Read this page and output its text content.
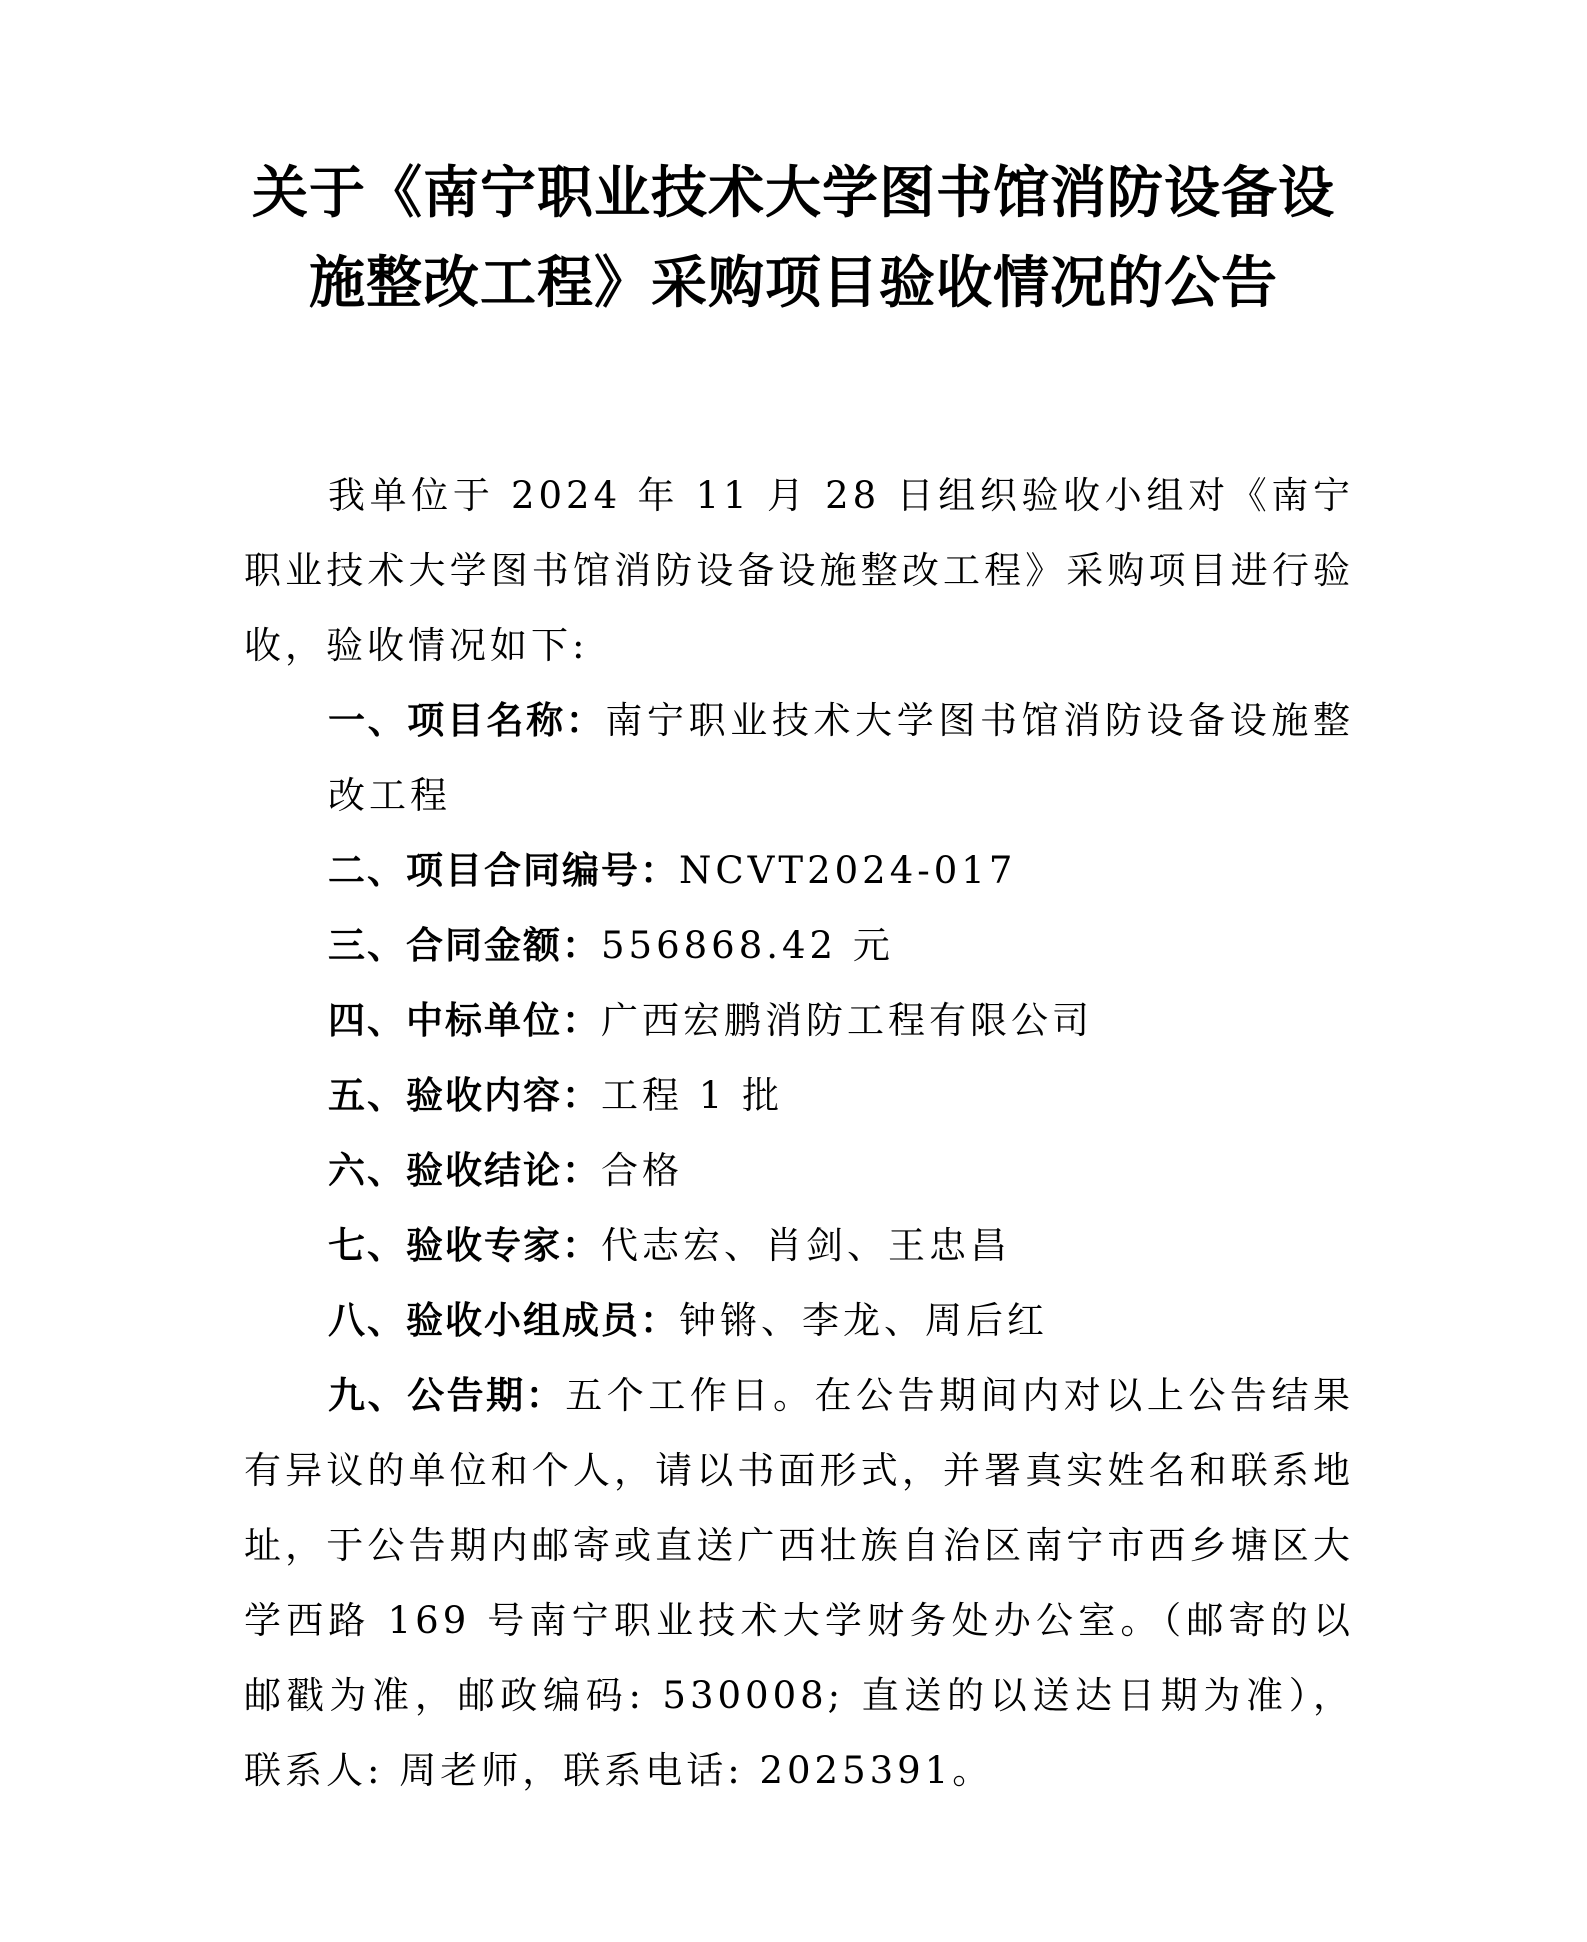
关于《南宁职业技术大学图书馆消防设备设
施整改工程》采购项目验收情况的公告

我单位于 2024 年 11 月 28 日组织验收小组对《南宁职业技术大学图书馆消防设备设施整改工程》采购项目进行验收，验收情况如下:

一、项目名称：南宁职业技术大学图书馆消防设备设施整改工程

二、项目合同编号：NCVT2024-017

三、合同金额：556868.42 元

四、中标单位：广西宏鹏消防工程有限公司

五、验收内容：工程 1 批

六、验收结论：合格

七、验收专家：代志宏、肖剑、王忠昌

八、验收小组成员：钟锵、李龙、周后红

九、公告期：五个工作日。在公告期间内对以上公告结果有异议的单位和个人，请以书面形式，并署真实姓名和联系地址，于公告期内邮寄或直送广西壮族自治区南宁市西乡塘区大学西路 169 号南宁职业技术大学财务处办公室。（邮寄的以邮戳为准，邮政编码: 530008; 直送的以送达日期为准），联系人: 周老师，联系电话: 2025391。
